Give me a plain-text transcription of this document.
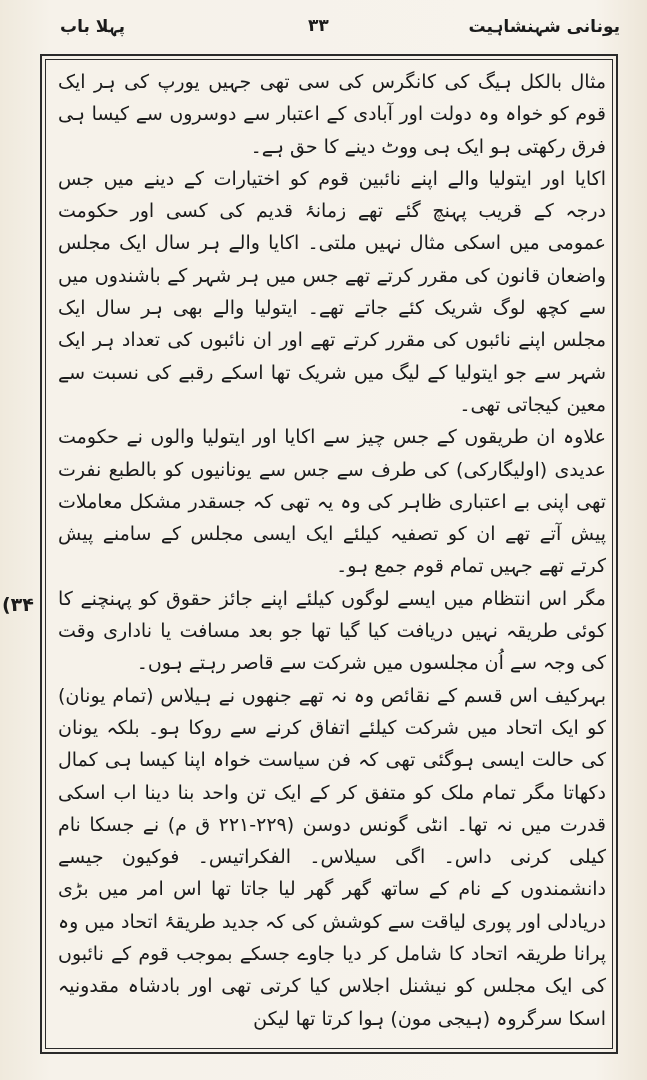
یونانی شہنشاہیت
۳۳
پہلا باب
(۳۴

مثال بالکل ہیگ کی کانگرس کی سی تھی جہیں یورپ کی ہر ایک قوم کو خواہ وہ دولت اور آبادی کے اعتبار سے دوسروں سے کیسا ہی فرق رکھتی ہو ایک ہی ووٹ دینے کا حق ہے۔

اکایا اور ایتولیا والے اپنے نائبین قوم کو اختیارات کے دینے میں جس درجہ کے قریب پہنچ گئے تھے زمانۂ قدیم کی کسی اور حکومت عمومی میں اسکی مثال نہیں ملتی۔ اکایا والے ہر سال ایک مجلس واضعان قانون کی مقرر کرتے تھے جس میں ہر شہر کے باشندوں میں سے کچھ لوگ شریک کئے جاتے تھے۔ ایتولیا والے بھی ہر سال ایک مجلس اپنے نائبوں کی مقرر کرتے تھے اور ان نائبوں کی تعداد ہر ایک شہر سے جو ایتولیا کے لیگ میں شریک تھا اسکے رقبے کی نسبت سے معین کیجاتی تھی۔

علاوہ ان طریقوں کے جس چیز سے اکایا اور ایتولیا والوں نے حکومت عدیدی (اولیگارکی) کی طرف سے جس سے یونانیوں کو بالطبع نفرت تھی اپنی بے اعتباری ظاہر کی وہ یہ تھی کہ جسقدر مشکل معاملات پیش آتے تھے ان کو تصفیہ کیلئے ایک ایسی مجلس کے سامنے پیش کرتے تھے جہیں تمام قوم جمع ہو۔

مگر اس انتظام میں ایسے لوگوں کیلئے اپنے جائز حقوق کو پہنچنے کا کوئی طریقہ نہیں دریافت کیا گیا تھا جو بعد مسافت یا ناداری وقت کی وجہ سے اُن مجلسوں میں شرکت سے قاصر رہتے ہوں۔

بہرکیف اس قسم کے نقائص وہ نہ تھے جنھوں نے ہیلاس (تمام یونان) کو ایک اتحاد میں شرکت کیلئے اتفاق کرنے سے روکا ہو۔ بلکہ یونان کی حالت ایسی ہوگئی تھی کہ فن سیاست خواہ اپنا کیسا ہی کمال دکھاتا مگر تمام ملک کو متفق کر کے ایک تن واحد بنا دینا اب اسکی قدرت میں نہ تھا۔ انٹی گونس دوسن (۲۲۹-۲۲۱ ق م) نے جسکا نام کیلی کرنی داس۔ اگی سیلاس۔ الفکراتیس۔ فوکیون جیسے دانشمندوں کے نام کے ساتھ گھر گھر لیا جاتا تھا اس امر میں بڑی دریادلی اور پوری لیاقت سے کوشش کی کہ جدید طریقۂ اتحاد میں وہ پرانا طریقہ اتحاد کا شامل کر دیا جاوے جسکے بموجب قوم کے نائبوں کی ایک مجلس کو نیشنل اجلاس کیا کرتی تھی اور بادشاہ مقدونیہ اسکا سرگروہ (ہیجی مون) ہوا کرتا تھا لیکن
